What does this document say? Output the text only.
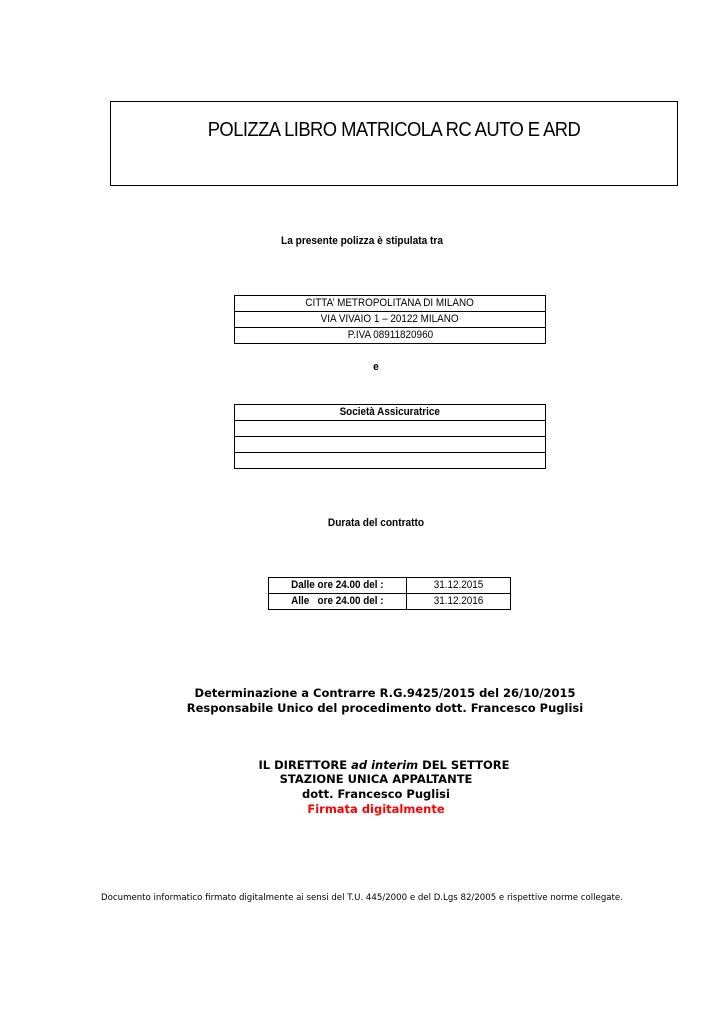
POLIZZA LIBRO MATRICOLA RC AUTO E ARD
La presente polizza è stipulata tra
CITTA’ METROPOLITANA DI MILANO
VIA VIVAIO 1 – 20122 MILANO
P.IVA 08911820960
e
Società Assicuratrice

Durata del contratto
Dalle ore 24.00 del :	31.12.2015
Alle   ore 24.00 del :	31.12.2016
Determinazione a Contrarre R.G.9425/2015 del 26/10/2015
Responsabile Unico del procedimento dott. Francesco Puglisi
IL DIRETTORE ad interim DEL SETTORE
STAZIONE UNICA APPALTANTE
dott. Francesco Puglisi
Firmata digitalmente
Documento informatico firmato digitalmente ai sensi del T.U. 445/2000 e del D.Lgs 82/2005 e rispettive norme collegate.
